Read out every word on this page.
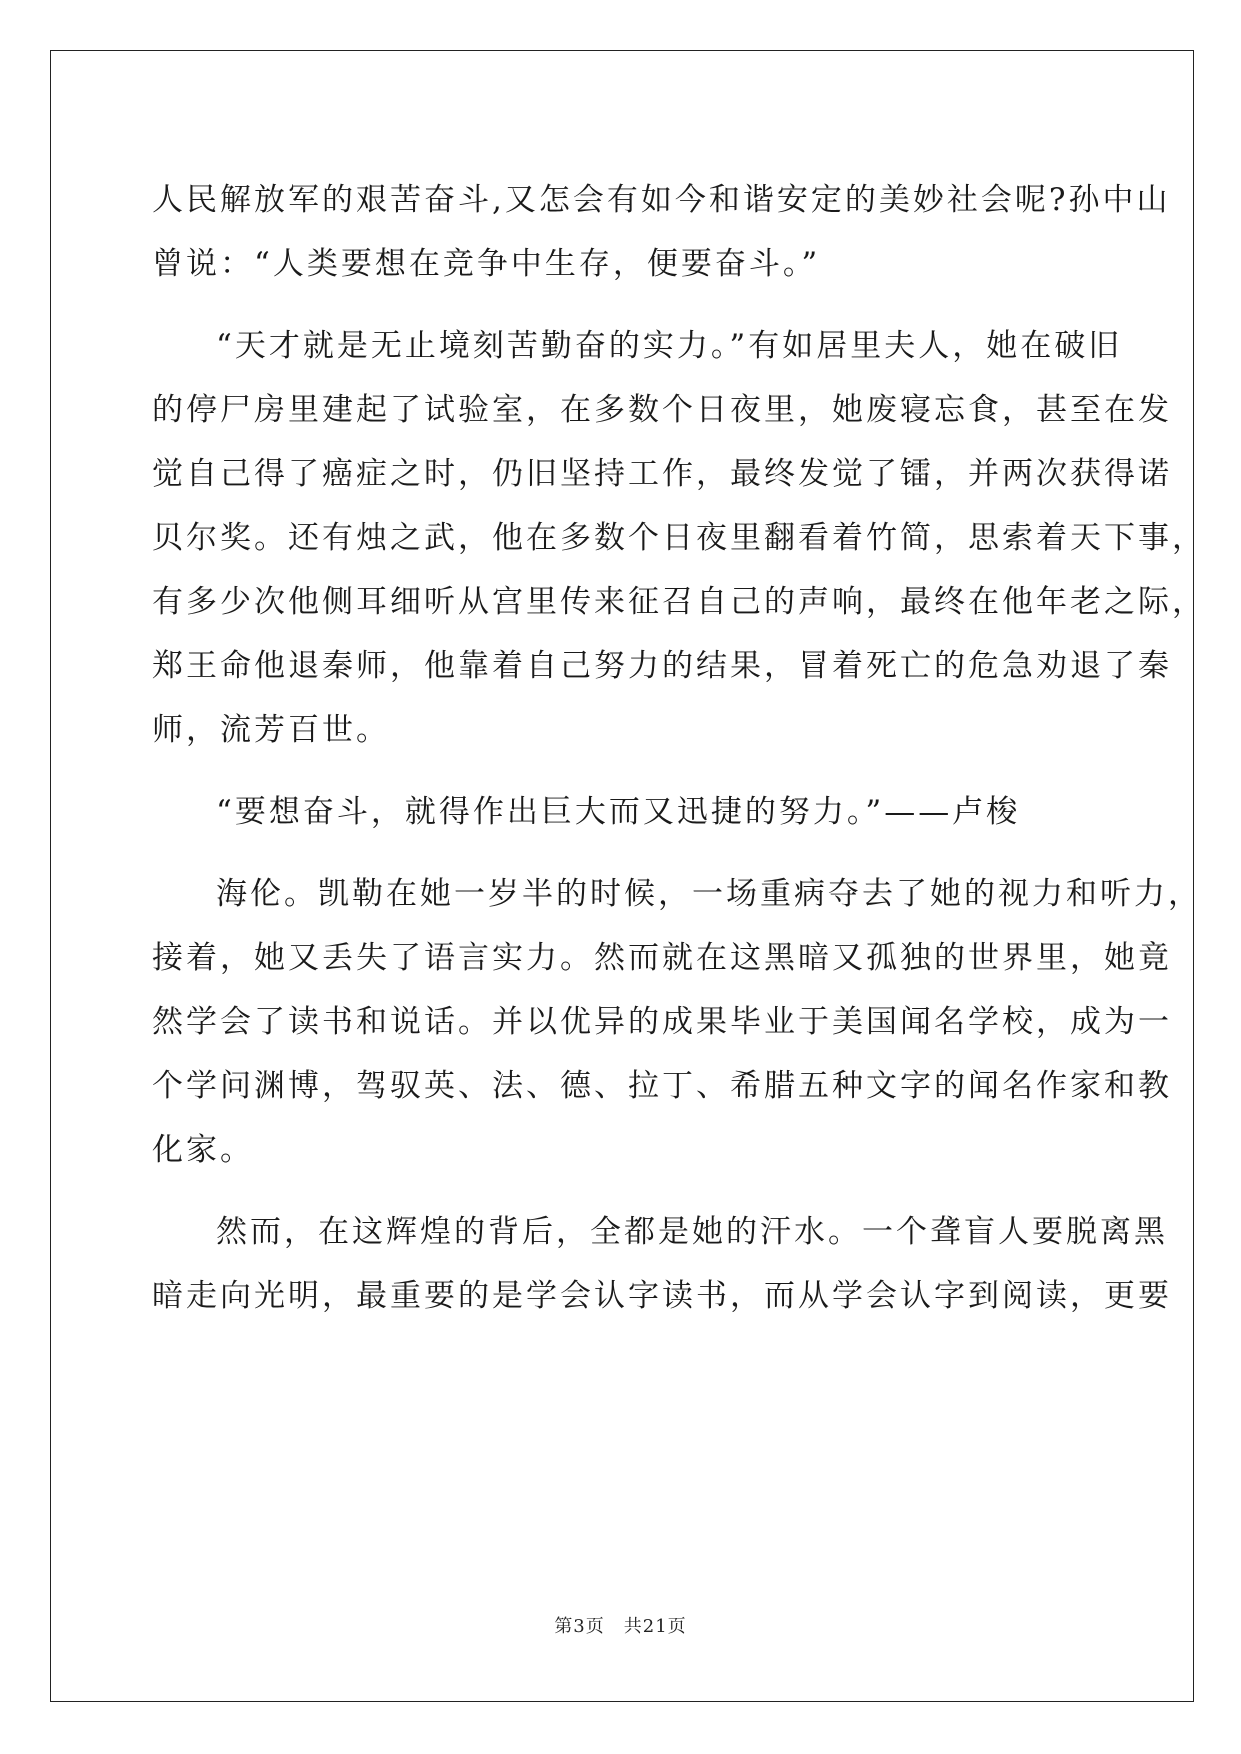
人民解放军的艰苦奋斗,又怎会有如今和谐安定的美妙社会呢?孙中山
曾说：“人类要想在竞争中生存，便要奋斗。”
“天才就是无止境刻苦勤奋的实力。”有如居里夫人，她在破旧
的停尸房里建起了试验室，在多数个日夜里，她废寝忘食，甚至在发
觉自己得了癌症之时，仍旧坚持工作，最终发觉了镭，并两次获得诺
贝尔奖。还有烛之武，他在多数个日夜里翻看着竹简，思索着天下事，
有多少次他侧耳细听从宫里传来征召自己的声响，最终在他年老之际，
郑王命他退秦师，他靠着自己努力的结果，冒着死亡的危急劝退了秦
师，流芳百世。
“要想奋斗，就得作出巨大而又迅捷的努力。”——卢梭
海伦。凯勒在她一岁半的时候，一场重病夺去了她的视力和听力，
接着，她又丢失了语言实力。然而就在这黑暗又孤独的世界里，她竟
然学会了读书和说话。并以优异的成果毕业于美国闻名学校，成为一
个学问渊博，驾驭英、法、德、拉丁、希腊五种文字的闻名作家和教
化家。
然而，在这辉煌的背后，全都是她的汗水。一个聋盲人要脱离黑
暗走向光明，最重要的是学会认字读书，而从学会认字到阅读，更要
第3页　共21页
